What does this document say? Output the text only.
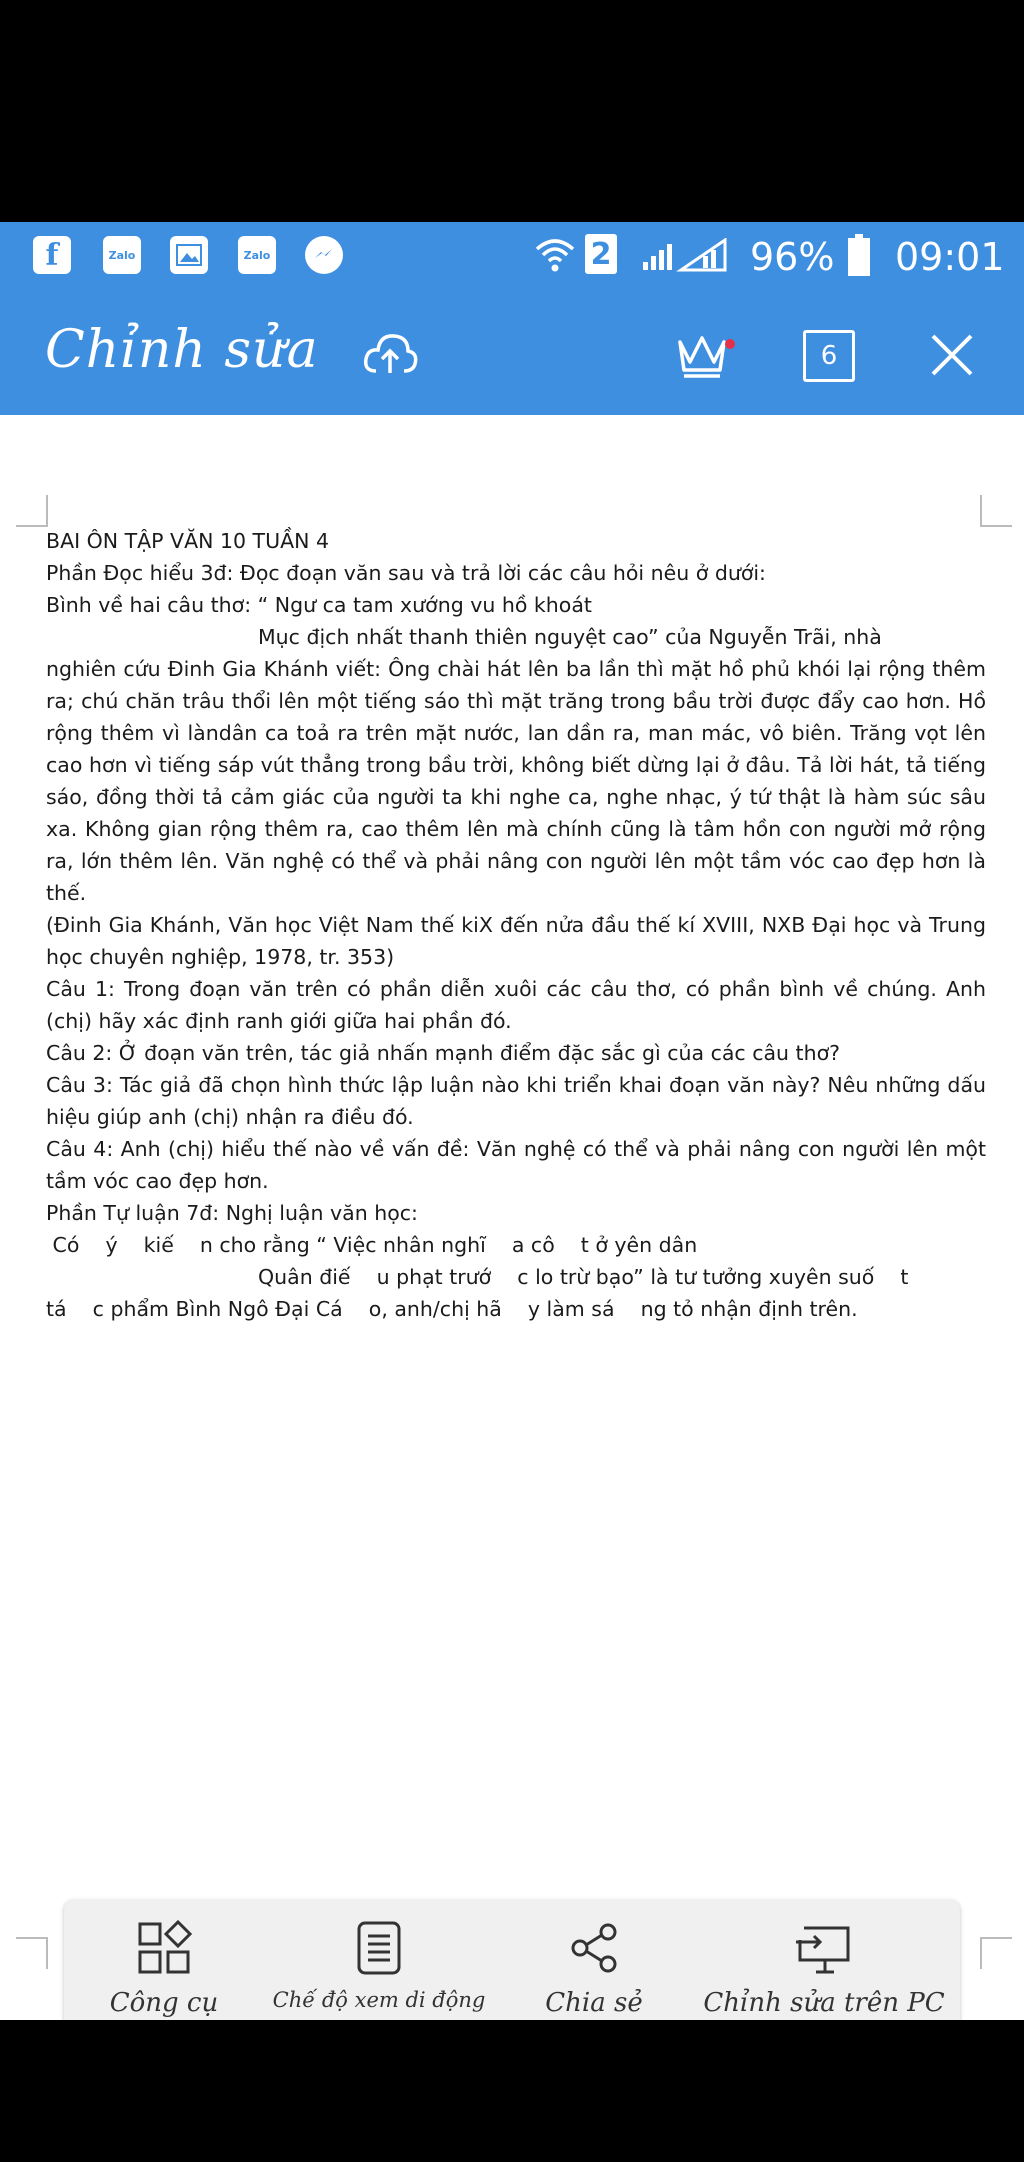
f	Zalo	Zalo	2	96% 09:01
Chỉnh sửa	6

BAI ÔN TẬP VĂN 10 TUẦN 4

Phần Đọc hiểu 3đ: Đọc đoạn văn sau và trả lời các câu hỏi nêu ở dưới:

Bình về hai câu thơ: “ Ngư ca tam xướng vu hồ khoát

Mục địch nhất thanh thiên nguyệt cao” của Nguyễn Trãi, nhà

nghiên cứu Đinh Gia Khánh viết: Ông chài hát lên ba lần thì mặt hồ phủ khói lại rộng thêm ra; chú chăn trâu thổi lên một tiếng sáo thì mặt trăng trong bầu trời được đẩy cao hơn. Hồ rộng thêm vì làndân ca toả ra trên mặt nước, lan dần ra, man mác, vô biên. Trăng vọt lên cao hơn vì tiếng sáp vút thẳng trong bầu trời, không biết dừng lại ở đâu. Tả lời hát, tả tiếng sáo, đồng thời tả cảm giác của người ta khi nghe ca, nghe nhạc, ý tứ thật là hàm súc sâu xa. Không gian rộng thêm ra, cao thêm lên mà chính cũng là tâm hồn con người mở rộng ra, lớn thêm lên. Văn nghệ có thể và phải nâng con người lên một tầm vóc cao đẹp hơn là thế.

(Đinh Gia Khánh, Văn học Việt Nam thế kiX đến nửa đầu thế kí XVIII, NXB Đại học và Trung học chuyên nghiệp, 1978, tr. 353)

Câu 1: Trong đoạn văn trên có phần diễn xuôi các câu thơ, có phần bình về chúng. Anh (chị) hãy xác định ranh giới giữa hai phần đó.

Câu 2: Ở đoạn văn trên, tác giả nhấn mạnh điểm đặc sắc gì của các câu thơ?

Câu 3: Tác giả đã chọn hình thức lập luận nào khi triển khai đoạn văn này? Nêu những dấu hiệu giúp anh (chị) nhận ra điều đó.

Câu 4: Anh (chị) hiểu thế nào về vấn đề: Văn nghệ có thể và phải nâng con người lên một tầm vóc cao đẹp hơn.

Phần Tự luận 7đ: Nghị luận văn học:

Có    ý    kiế    n cho rằng “ Việc nhân nghĩ    a cô    t ở yên dân

Quân điế    u phạt trướ    c lo trừ bạo” là tư tưởng xuyên suố    t

tá    c phẩm Bình Ngô Đại Cá    o, anh/chị hã    y làm sá    ng tỏ nhận định trên.

Công cụ	Chế độ xem di động Chia sẻ Chỉnh sửa trên PC
